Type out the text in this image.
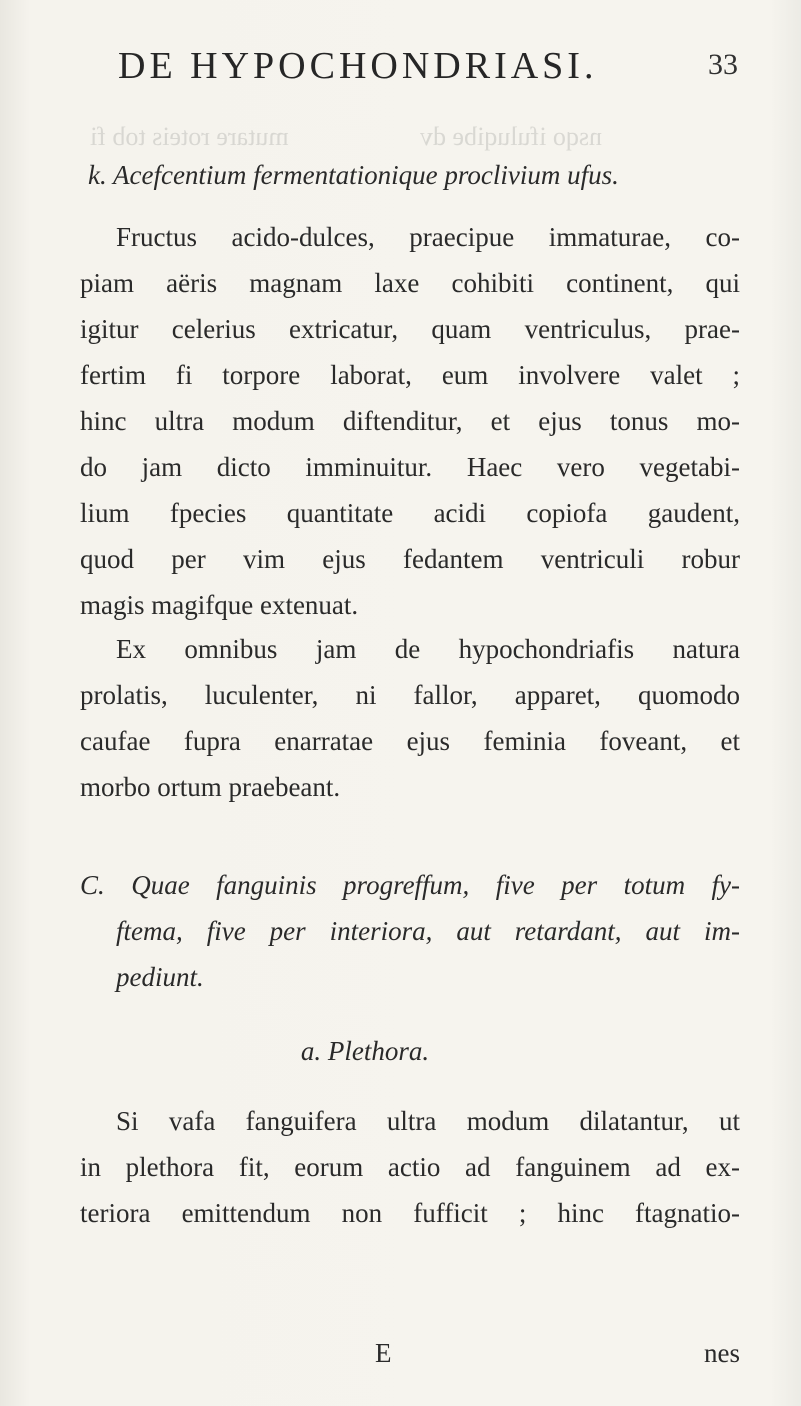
mutare roteis tob fi	nsqo ifuluqibe dv
DE HYPOCHONDRIASI.	33
k. Acefcentium fermentationique proclivium ufus.
Fructus acido-dulces, praecipue immaturae, co-
piam aëris magnam laxe cohibiti continent, qui
igitur celerius extricatur, quam ventriculus, prae-
fertim fi torpore laborat, eum involvere valet ;
hinc ultra modum diftenditur, et ejus tonus mo-
do jam dicto imminuitur. Haec vero vegetabi-
lium fpecies quantitate acidi copiofa gaudent,
quod per vim ejus fedantem ventriculi robur
magis magifque extenuat.
Ex omnibus jam de hypochondriafis natura
prolatis, luculenter, ni fallor, apparet, quomodo
caufae fupra enarratae ejus feminia foveant, et
morbo ortum praebeant.
C. Quae fanguinis progreffum, five per totum fy-
ftema, five per interiora, aut retardant, aut im-
pediunt.
a. Plethora.
Si vafa fanguifera ultra modum dilatantur, ut
in plethora fit, eorum actio ad fanguinem ad ex-
teriora emittendum non fufficit ; hinc ftagnatio-
E	nes
